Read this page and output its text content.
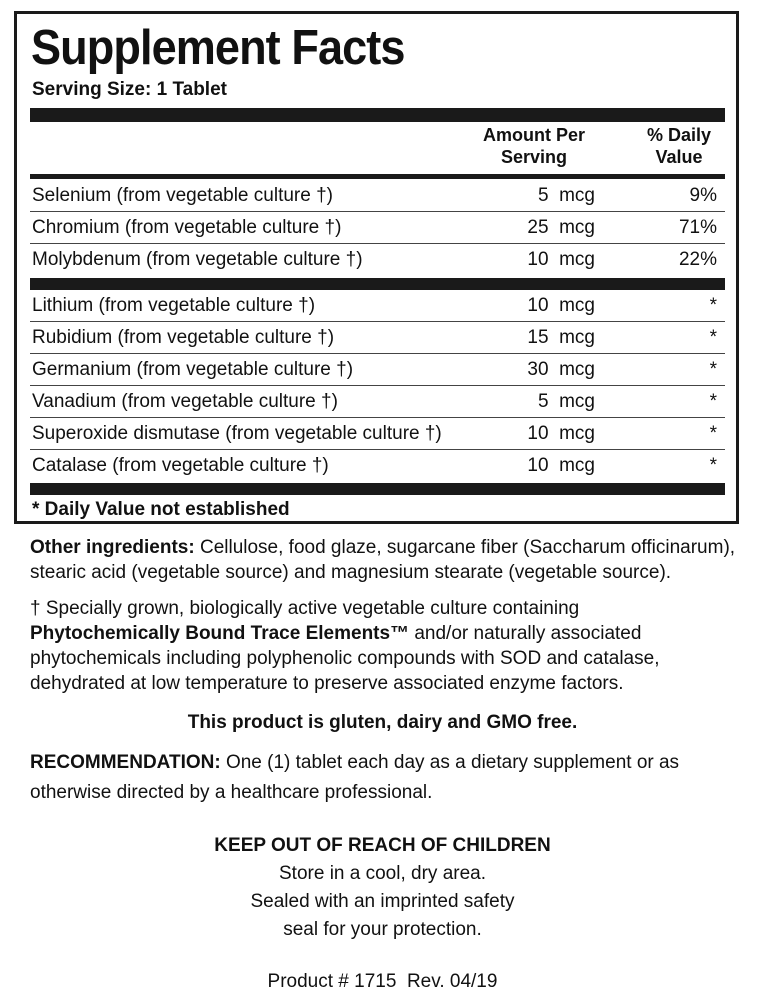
Supplement Facts
Serving Size: 1 Tablet
Amount Per
Serving
% Daily
Value
Selenium (from vegetable culture †)	5  mcg	9%
Chromium (from vegetable culture †)	25  mcg	71%
Molybdenum (from vegetable culture †)	10  mcg	22%
Lithium (from vegetable culture †)	10  mcg	*
Rubidium (from vegetable culture †)	15  mcg	*
Germanium (from vegetable culture †)	30  mcg	*
Vanadium (from vegetable culture †)	5  mcg	*
Superoxide dismutase (from vegetable culture †)	10  mcg	*
Catalase (from vegetable culture †)	10  mcg	*
* Daily Value not established

Other ingredients: Cellulose, food glaze, sugarcane fiber (Saccharum officinarum),
stearic acid (vegetable source) and magnesium stearate (vegetable source).

† Specially grown, biologically active vegetable culture containing
Phytochemically Bound Trace Elements™ and/or naturally associated
phytochemicals including polyphenolic compounds with SOD and catalase,
dehydrated at low temperature to preserve associated enzyme factors.

This product is gluten, dairy and GMO free.

RECOMMENDATION: One (1) tablet each day as a dietary supplement or as
otherwise directed by a healthcare professional.

KEEP OUT OF REACH OF CHILDREN
Store in a cool, dry area.
Sealed with an imprinted safety
seal for your protection.
Product # 1715  Rev. 04/19
